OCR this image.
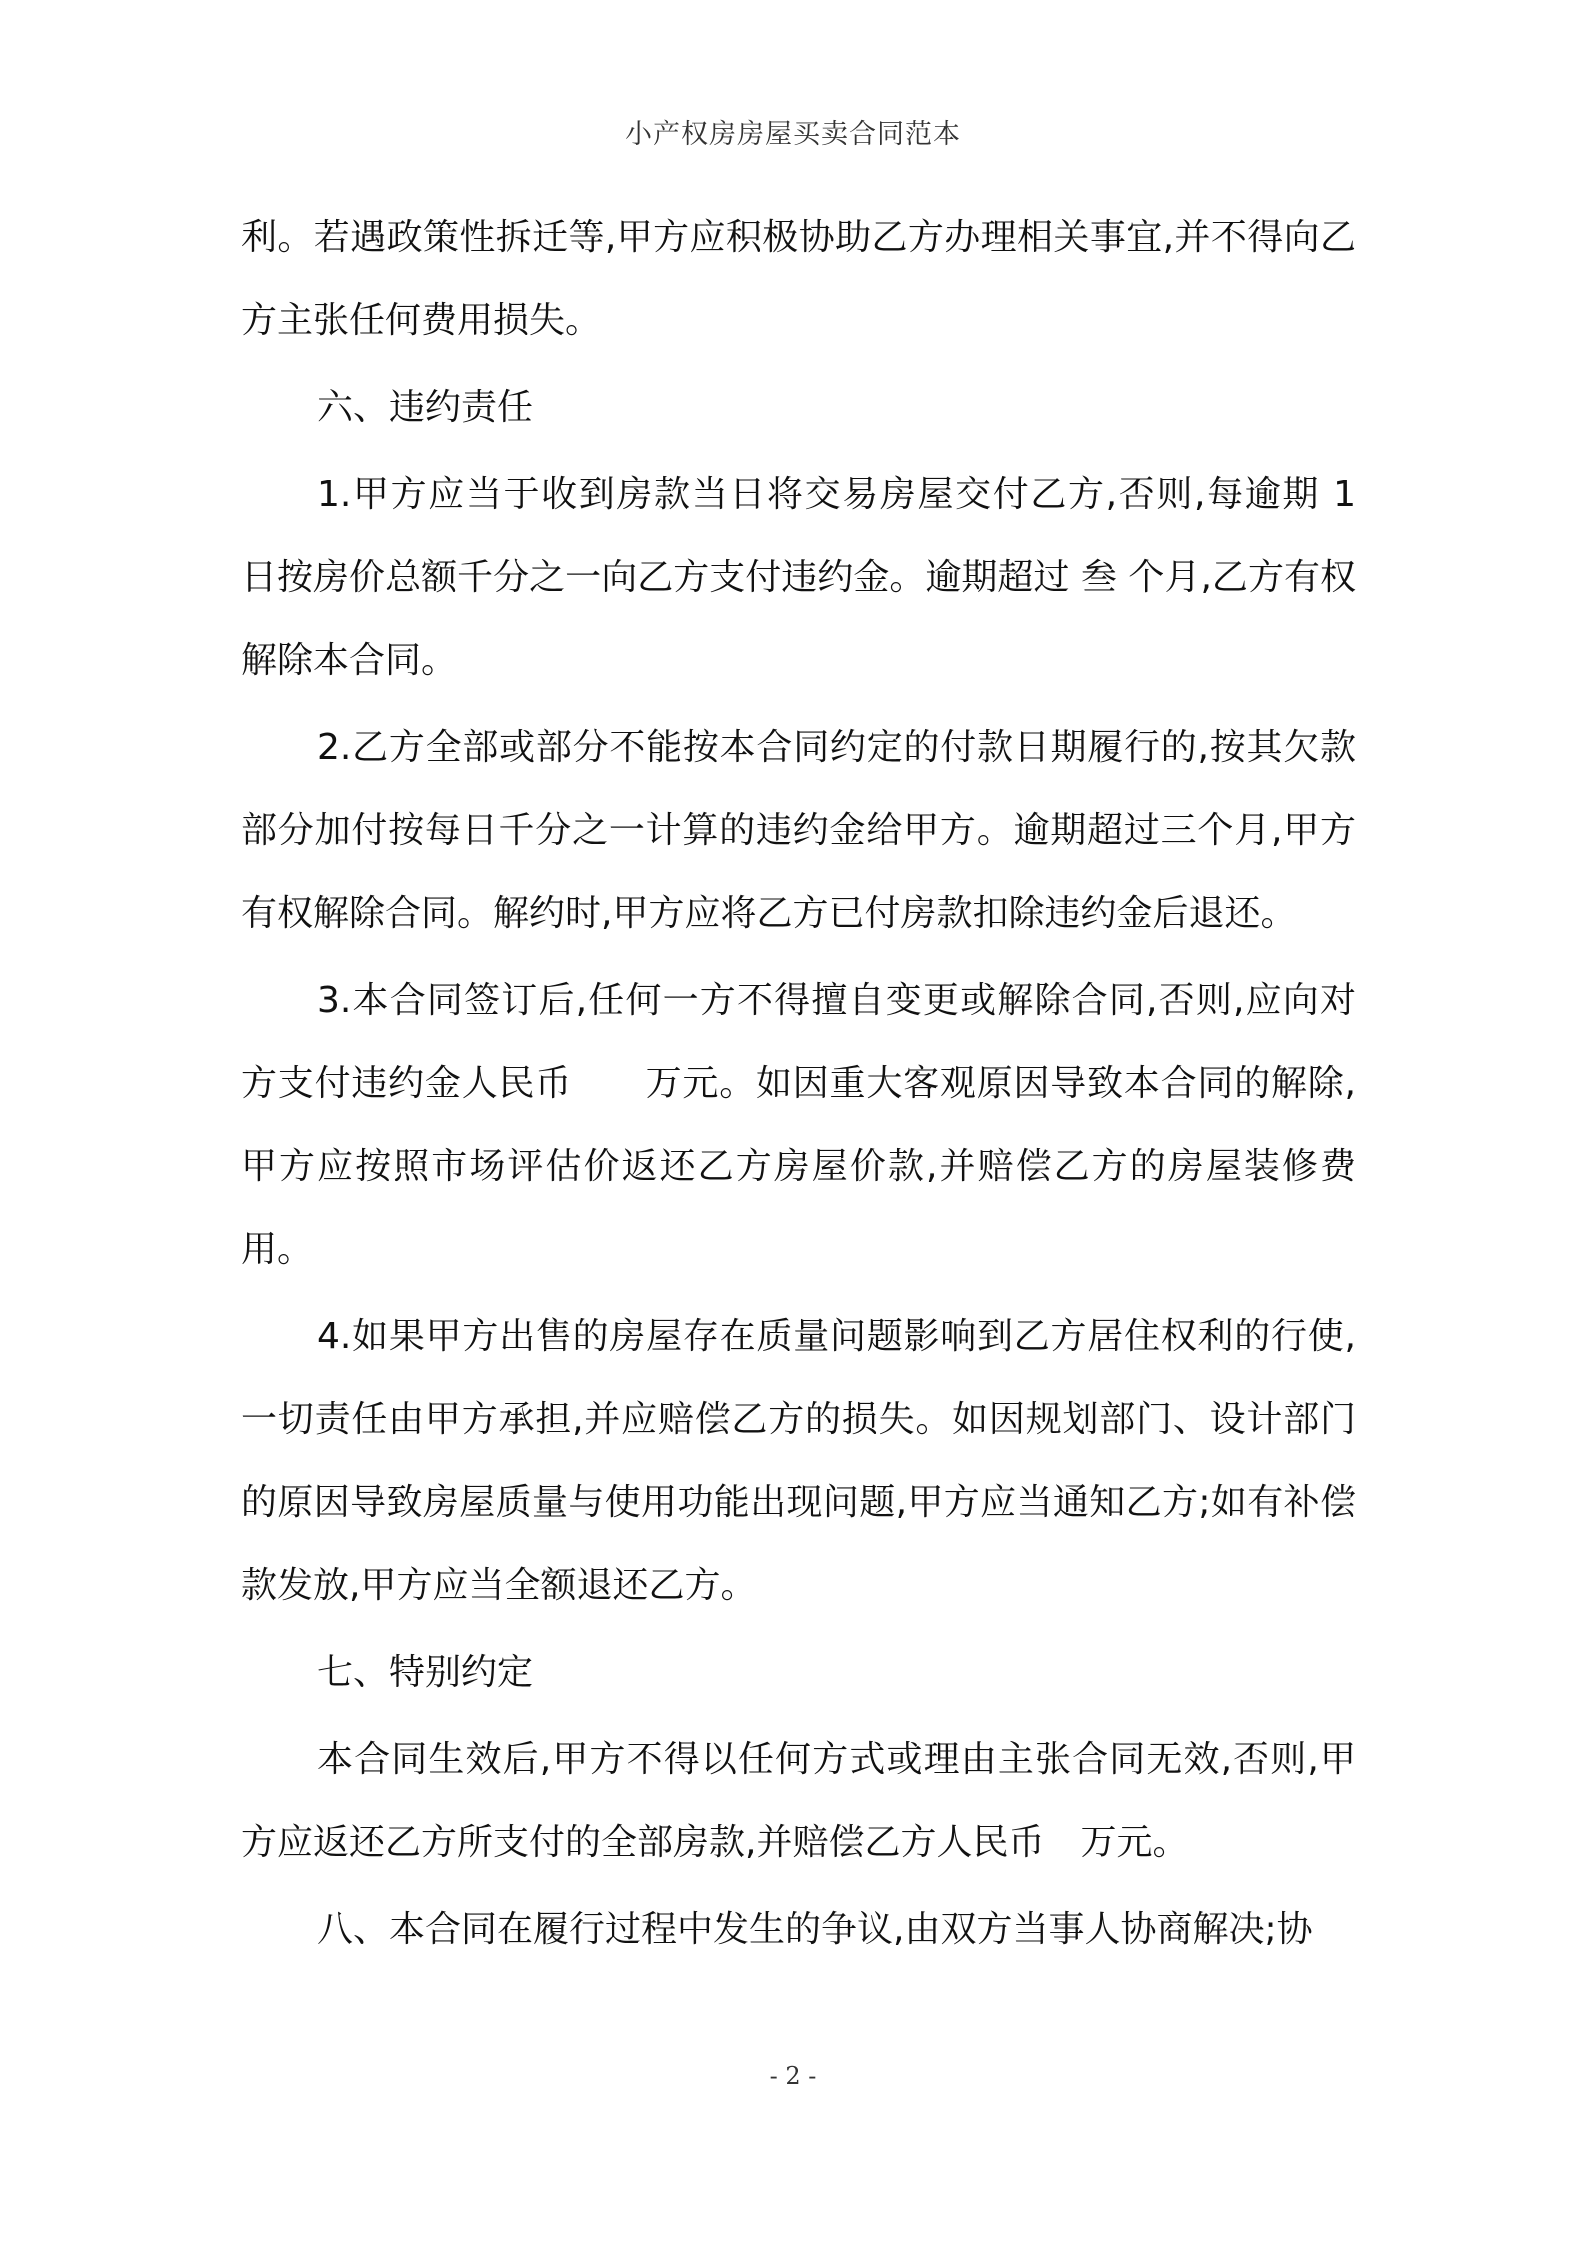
小产权房房屋买卖合同范本

利。若遇政策性拆迁等,甲方应积极协助乙方办理相关事宜,并不得向乙方主张任何费用损失。

六、违约责任

1.甲方应当于收到房款当日将交易房屋交付乙方,否则,每逾期 1 日按房价总额千分之一向乙方支付违约金。逾期超过 叁 个月,乙方有权解除本合同。

2.乙方全部或部分不能按本合同约定的付款日期履行的,按其欠款部分加付按每日千分之一计算的违约金给甲方。逾期超过三个月,甲方有权解除合同。解约时,甲方应将乙方已付房款扣除违约金后退还。

3.本合同签订后,任何一方不得擅自变更或解除合同,否则,应向对方支付违约金人民币　　万元。如因重大客观原因导致本合同的解除,甲方应按照市场评估价返还乙方房屋价款,并赔偿乙方的房屋装修费用。

4.如果甲方出售的房屋存在质量问题影响到乙方居住权利的行使,一切责任由甲方承担,并应赔偿乙方的损失。如因规划部门、设计部门的原因导致房屋质量与使用功能出现问题,甲方应当通知乙方;如有补偿款发放,甲方应当全额退还乙方。

七、特别约定

本合同生效后,甲方不得以任何方式或理由主张合同无效,否则,甲方应返还乙方所支付的全部房款,并赔偿乙方人民币　万元。

八、本合同在履行过程中发生的争议,由双方当事人协商解决;协

- 2 -
